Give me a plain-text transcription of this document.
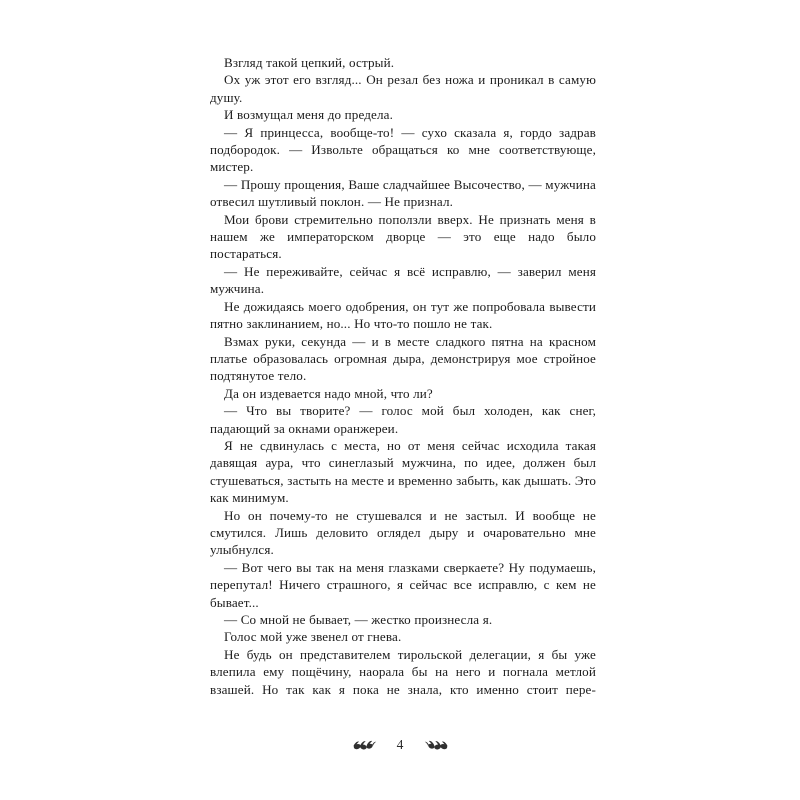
Взгляд такой цепкий, острый.

Ох уж этот его взгляд... Он резал без ножа и проникал в самую душу.

И возмущал меня до предела.

— Я принцесса, вообще-то! — сухо сказала я, гордо задрав подбородок. — Извольте обращаться ко мне соответствующе, мистер.

— Прошу прощения, Ваше сладчайшее Высочество, — мужчина отвесил шутливый поклон. — Не признал.

Мои брови стремительно поползли вверх. Не признать меня в нашем же императорском дворце — это еще надо было постараться.

— Не переживайте, сейчас я всё исправлю, — заверил меня мужчина.

Не дожидаясь моего одобрения, он тут же попробовала вывести пятно заклинанием, но... Но что-то пошло не так.

Взмах руки, секунда — и в месте сладкого пятна на красном платье образовалась огромная дыра, демонстрируя мое стройное подтянутое тело.

Да он издевается надо мной, что ли?

— Что вы творите? — голос мой был холоден, как снег, падающий за окнами оранжереи.

Я не сдвинулась с места, но от меня сейчас исходила такая давящая аура, что синеглазый мужчина, по идее, должен был стушеваться, застыть на месте и временно забыть, как дышать. Это как минимум.

Но он почему-то не стушевался и не застыл. И вообще не смутился. Лишь деловито оглядел дыру и очаровательно мне улыбнулся.

— Вот чего вы так на меня глазками сверкаете? Ну подумаешь, перепутал! Ничего страшного, я сейчас все исправлю, с кем не бывает...

— Со мной не бывает, — жестко произнесла я.

Голос мой уже звенел от гнева.

Не будь он представителем тирольской делегации, я бы уже влепила ему пощёчину, наорала бы на него и погнала метлой взашей. Но так как я пока не знала, кто именно стоит пере-

4
